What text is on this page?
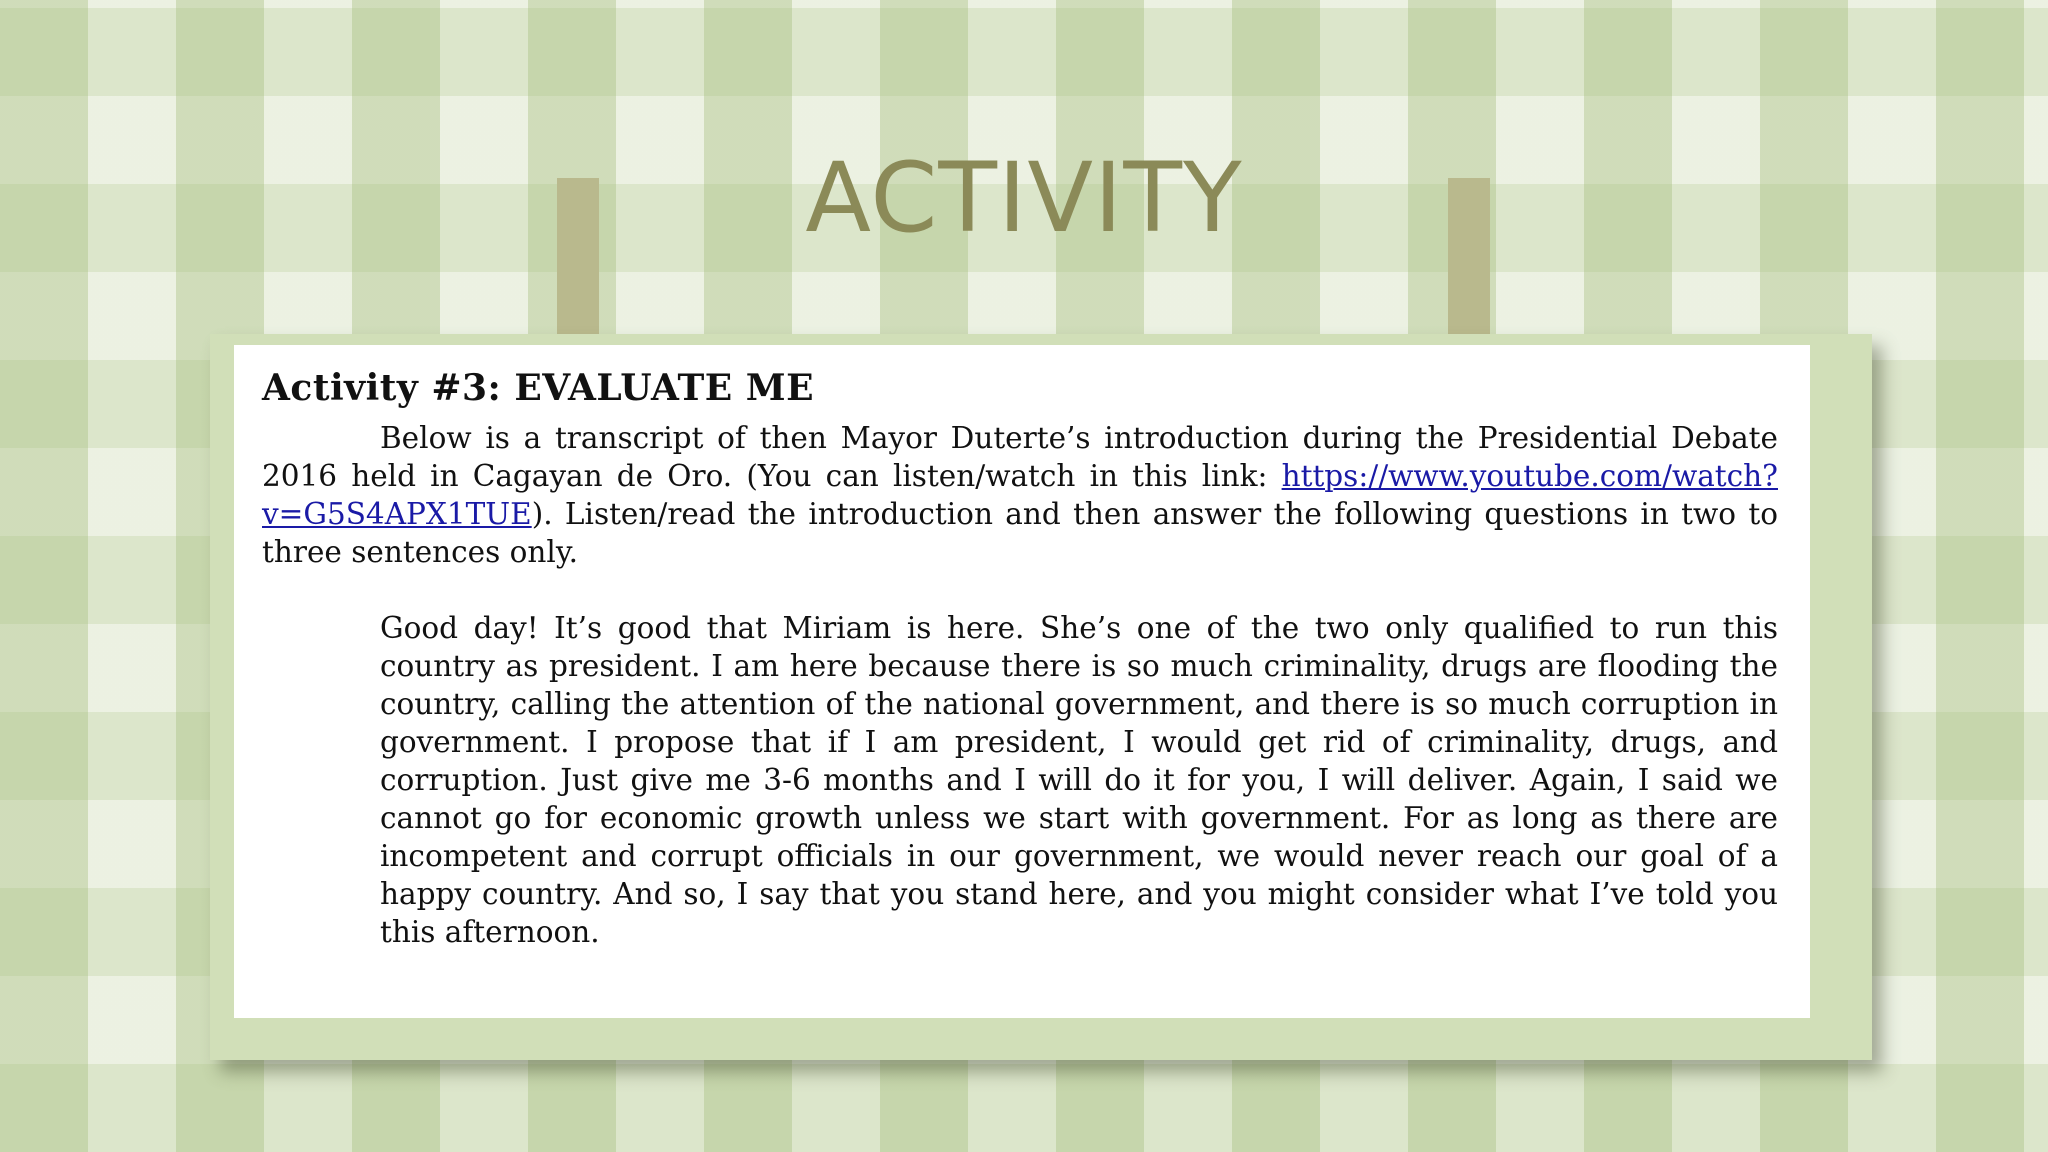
ACTIVITY
Activity #3: EVALUATE ME

Below is a transcript of then Mayor Duterte’s introduction during the Presidential Debate 2016 held in Cagayan de Oro. (You can listen/watch in this link: https://www.youtube.com/watch?v=G5S4APX1TUE). Listen/read the introduction and then answer the following questions in two to three sentences only.

Good day! It’s good that Miriam is here. She’s one of the two only qualified to run this country as president. I am here because there is so much criminality, drugs are flooding the country, calling the attention of the national government, and there is so much corruption in government. I propose that if I am president, I would get rid of criminality, drugs, and corruption. Just give me 3-6 months and I will do it for you, I will deliver. Again, I said we cannot go for economic growth unless we start with government. For as long as there are incompetent and corrupt officials in our government, we would never reach our goal of a happy country. And so, I say that you stand here, and you might consider what I’ve told you this afternoon.
